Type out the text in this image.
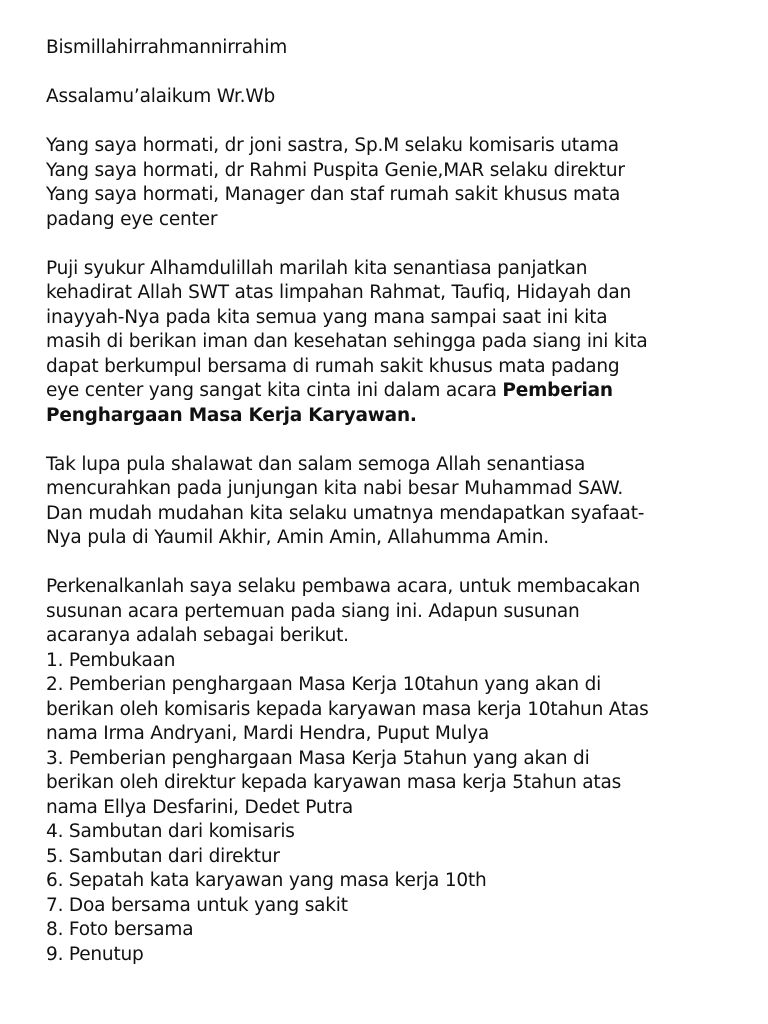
Bismillahirrahmannirrahim
Assalamu’alaikum Wr.Wb
Yang saya hormati, dr joni sastra, Sp.M selaku komisaris utama
Yang saya hormati, dr Rahmi Puspita Genie,MAR selaku direktur
Yang saya hormati, Manager dan staf rumah sakit khusus mata
padang eye center
Puji syukur Alhamdulillah marilah kita senantiasa panjatkan
kehadirat Allah SWT atas limpahan Rahmat, Taufiq, Hidayah dan
inayyah-Nya pada kita semua yang mana sampai saat ini kita
masih di berikan iman dan kesehatan sehingga pada siang ini kita
dapat berkumpul bersama di rumah sakit khusus mata padang
eye center yang sangat kita cinta ini dalam acara Pemberian
Penghargaan Masa Kerja Karyawan.
Tak lupa pula shalawat dan salam semoga Allah senantiasa
mencurahkan pada junjungan kita nabi besar Muhammad SAW.
Dan mudah mudahan kita selaku umatnya mendapatkan syafaat-
Nya pula di Yaumil Akhir, Amin Amin, Allahumma Amin.
Perkenalkanlah saya selaku pembawa acara, untuk membacakan
susunan acara pertemuan pada siang ini. Adapun susunan
acaranya adalah sebagai berikut.
1. Pembukaan
2. Pemberian penghargaan Masa Kerja 10tahun yang akan di
berikan oleh komisaris kepada karyawan masa kerja 10tahun Atas
nama Irma Andryani, Mardi Hendra, Puput Mulya
3. Pemberian penghargaan Masa Kerja 5tahun yang akan di
berikan oleh direktur kepada karyawan masa kerja 5tahun atas
nama Ellya Desfarini, Dedet Putra
4. Sambutan dari komisaris
5. Sambutan dari direktur
6. Sepatah kata karyawan yang masa kerja 10th
7. Doa bersama untuk yang sakit
8. Foto bersama
9. Penutup
